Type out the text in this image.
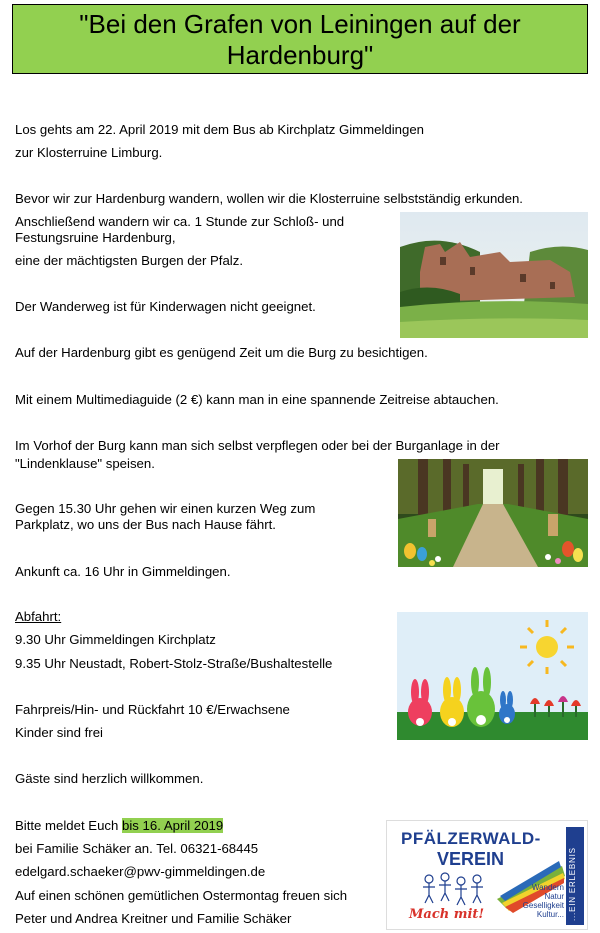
"Bei den Grafen von Leiningen auf der Hardenburg"
Los gehts am 22. April 2019 mit dem Bus ab Kirchplatz Gimmeldingen
zur Klosterruine Limburg.
Bevor wir zur Hardenburg wandern, wollen wir die Klosterruine selbstständig erkunden.
Anschließend wandern wir ca. 1 Stunde zur Schloß- und
Festungsruine Hardenburg,
eine der mächtigsten Burgen der Pfalz.
Der Wanderweg ist für Kinderwagen nicht geeignet.
Auf der Hardenburg gibt es genügend Zeit um die Burg zu besichtigen.
Mit einem Multimediaguide (2 €) kann man in eine spannende Zeitreise abtauchen.
Im Vorhof der Burg kann man sich selbst verpflegen oder bei der Burganlage in der
"Lindenklause" speisen.
Gegen 15.30 Uhr gehen wir einen kurzen Weg zum
Parkplatz, wo uns der Bus nach Hause fährt.
Ankunft ca. 16 Uhr in Gimmeldingen.
Abfahrt:
9.30 Uhr Gimmeldingen Kirchplatz
9.35 Uhr Neustadt, Robert-Stolz-Straße/Bushaltestelle
Fahrpreis/Hin- und Rückfahrt 10 €/Erwachsene
Kinder sind frei
Gäste sind herzlich willkommen.
Bitte meldet Euch bis 16. April 2019
bei Familie Schäker an. Tel. 06321-68445
edelgard.schaeker@pwv-gimmeldingen.de
Auf einen schönen gemütlichen Ostermontag freuen sich
Peter und Andrea Kreitner und Familie Schäker
PFÄLZERWALD-
VEREIN
Wandern
Natur
Geselligkeit
Kultur...
Mach mit!	...EIN ERLEBNIS
